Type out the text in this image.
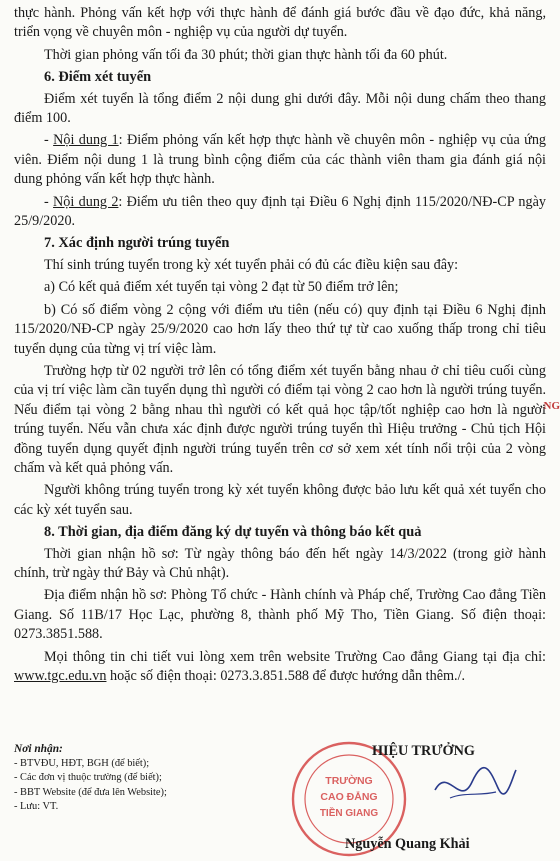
thực hành. Phỏng vấn kết hợp với thực hành để đánh giá bước đầu về đạo đức, khả năng, triển vọng về chuyên môn - nghiệp vụ của người dự tuyển.

Thời gian phỏng vấn tối đa 30 phút; thời gian thực hành tối đa 60 phút.

6. Điểm xét tuyển

Điểm xét tuyển là tổng điểm 2 nội dung ghi dưới đây. Mỗi nội dung chấm theo thang điểm 100.

- Nội dung 1: Điểm phỏng vấn kết hợp thực hành về chuyên môn - nghiệp vụ của ứng viên. Điểm nội dung 1 là trung bình cộng điểm của các thành viên tham gia đánh giá nội dung phỏng vấn kết hợp thực hành.

- Nội dung 2: Điểm ưu tiên theo quy định tại Điều 6 Nghị định 115/2020/NĐ-CP ngày 25/9/2020.

7. Xác định người trúng tuyển

Thí sinh trúng tuyển trong kỳ xét tuyển phải có đủ các điều kiện sau đây:

a) Có kết quả điểm xét tuyển tại vòng 2 đạt từ 50 điểm trở lên;

b) Có số điểm vòng 2 cộng với điểm ưu tiên (nếu có) quy định tại Điều 6 Nghị định 115/2020/NĐ-CP ngày 25/9/2020 cao hơn lấy theo thứ tự từ cao xuống thấp trong chỉ tiêu tuyển dụng của từng vị trí việc làm.

Trường hợp từ 02 người trở lên có tổng điểm xét tuyển bằng nhau ở chỉ tiêu cuối cùng của vị trí việc làm cần tuyển dụng thì người có điểm tại vòng 2 cao hơn là người trúng tuyển. Nếu điểm tại vòng 2 bằng nhau thì người có kết quả học tập/tốt nghiệp cao hơn là người trúng tuyển. Nếu vẫn chưa xác định được người trúng tuyển thì Hiệu trưởng - Chủ tịch Hội đồng tuyển dụng quyết định người trúng tuyển trên cơ sở xem xét tính nổi trội của 2 vòng chấm và kết quả phỏng vấn.

Người không trúng tuyển trong kỳ xét tuyển không được bảo lưu kết quả xét tuyển cho các kỳ xét tuyển sau.

8. Thời gian, địa điểm đăng ký dự tuyển và thông báo kết quả

Thời gian nhận hồ sơ: Từ ngày thông báo đến hết ngày 14/3/2022 (trong giờ hành chính, trừ ngày thứ Bảy và Chủ nhật).

Địa điểm nhận hồ sơ: Phòng Tổ chức - Hành chính và Pháp chế, Trường Cao đẳng Tiền Giang. Số 11B/17 Học Lạc, phường 8, thành phố Mỹ Tho, Tiền Giang. Số điện thoại: 0273.3851.588.

Mọi thông tin chi tiết vui lòng xem trên website Trường Cao đẳng Giang tại địa chỉ: www.tgc.edu.vn hoặc số điện thoại: 0273.3.851.588 để được hướng dẫn thêm./.

Nơi nhận:
- BTVĐU, HĐT, BGH (để biết);
- Các đơn vị thuộc trường (để biết);
- BBT Website (để đưa lên Website);
- Lưu: VT.
TRƯỜNG
CAO ĐẲNG
TIỀN GIANG
HIỆU TRƯỞNG
Nguyễn Quang Khải
NG
